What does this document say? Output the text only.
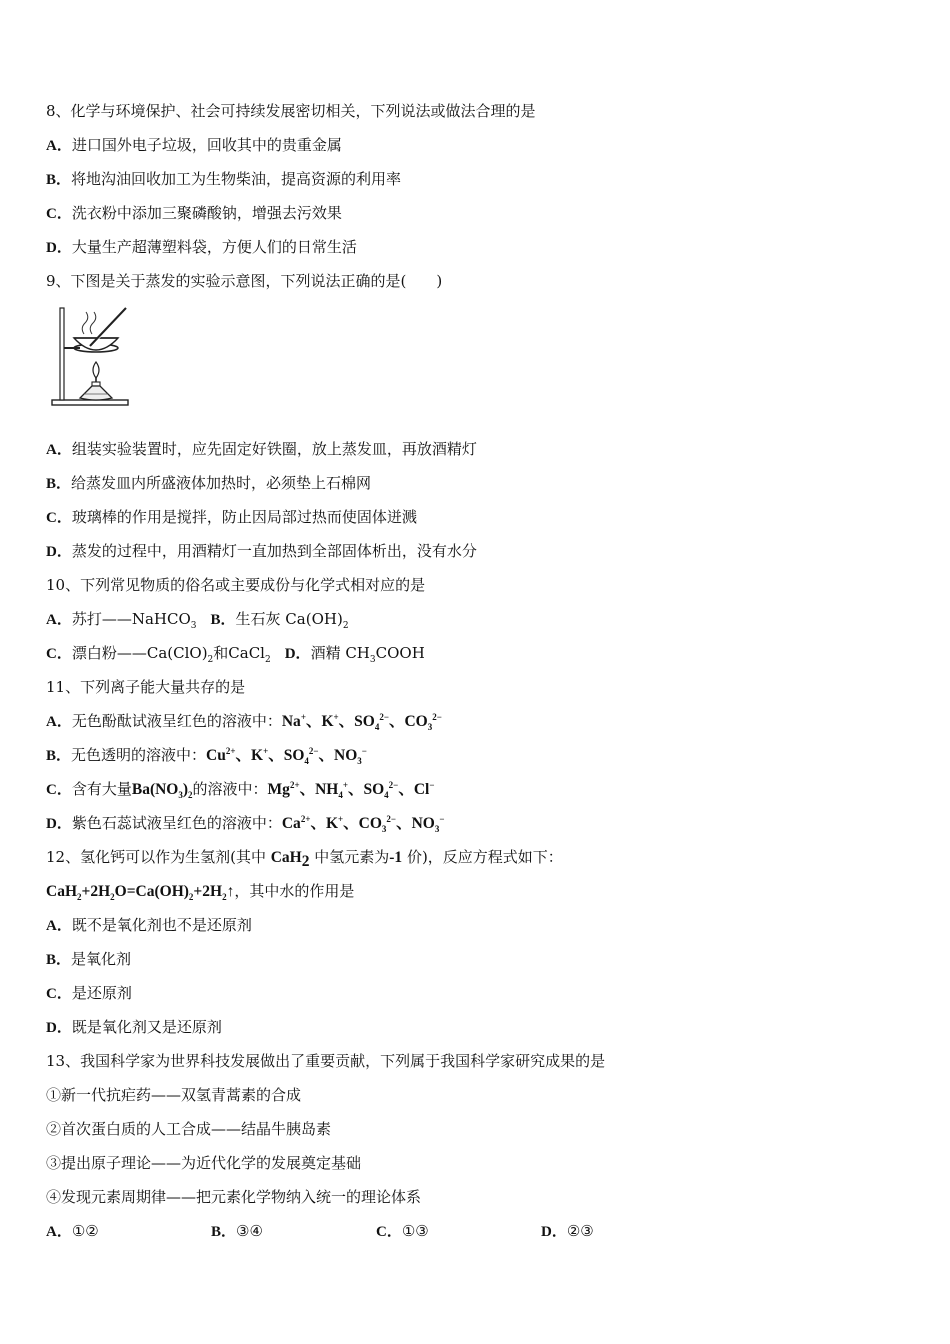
8、化学与环境保护、社会可持续发展密切相关，下列说法或做法合理的是
A．进口国外电子垃圾，回收其中的贵重金属
B．将地沟油回收加工为生物柴油，提高资源的利用率
C．洗衣粉中添加三聚磷酸钠，增强去污效果
D．大量生产超薄塑料袋，方便人们的日常生活
9、下图是关于蒸发的实验示意图，下列说法正确的是(　　)
A．组装实验装置时，应先固定好铁圈，放上蒸发皿，再放酒精灯
B．给蒸发皿内所盛液体加热时，必须垫上石棉网
C．玻璃棒的作用是搅拌，防止因局部过热而使固体迸溅
D．蒸发的过程中，用酒精灯一直加热到全部固体析出，没有水分
10、下列常见物质的俗名或主要成份与化学式相对应的是
A．苏打——NaHCO$_3$ B．生石灰 $Ca(OH)_2$
C．漂白粉$——Ca(ClO)_2$和CaCl$_2$ D．酒精 $CH_3COOH$
11、下列离子能大量共存的是
A．无色酚酞试液呈红色的溶液中：Na+、K+、$SO_4^{2-}$、$CO_3^{2-}$
B．无色透明的溶液中：$Cu^{2+}$、K+、$SO_4^{2-}$、$NO_3^-$
C．含有大量$Ba(NO_3)_2$的溶液中：$Mg^{2+}$、$NH_4^+$、$SO_4^{2-}$、Cl−
D．紫色石蕊试液呈红色的溶液中：$Ca^{2+}$、K+、$CO_3^{2-}$、$NO_3^-$
12、氢化钙可以作为生氢剂(其中 CaH$_2$ 中氢元素为-1 价)，反应方程式如下：
$CaH_2+2H_2O=Ca(OH)_2+2H_2↑$，其中水的作用是
A．既不是氧化剂也不是还原剂
B．是氧化剂
C．是还原剂
D．既是氧化剂又是还原剂
13、我国科学家为世界科技发展做出了重要贡献，下列属于我国科学家研究成果的是
①新一代抗疟药——双氢青蒿素的合成
②首次蛋白质的人工合成——结晶牛胰岛素
③提出原子理论——为近代化学的发展奠定基础
④发现元素周期律——把元素化学物纳入统一的理论体系
A．①②	B．③④	C．①③	D．②③
